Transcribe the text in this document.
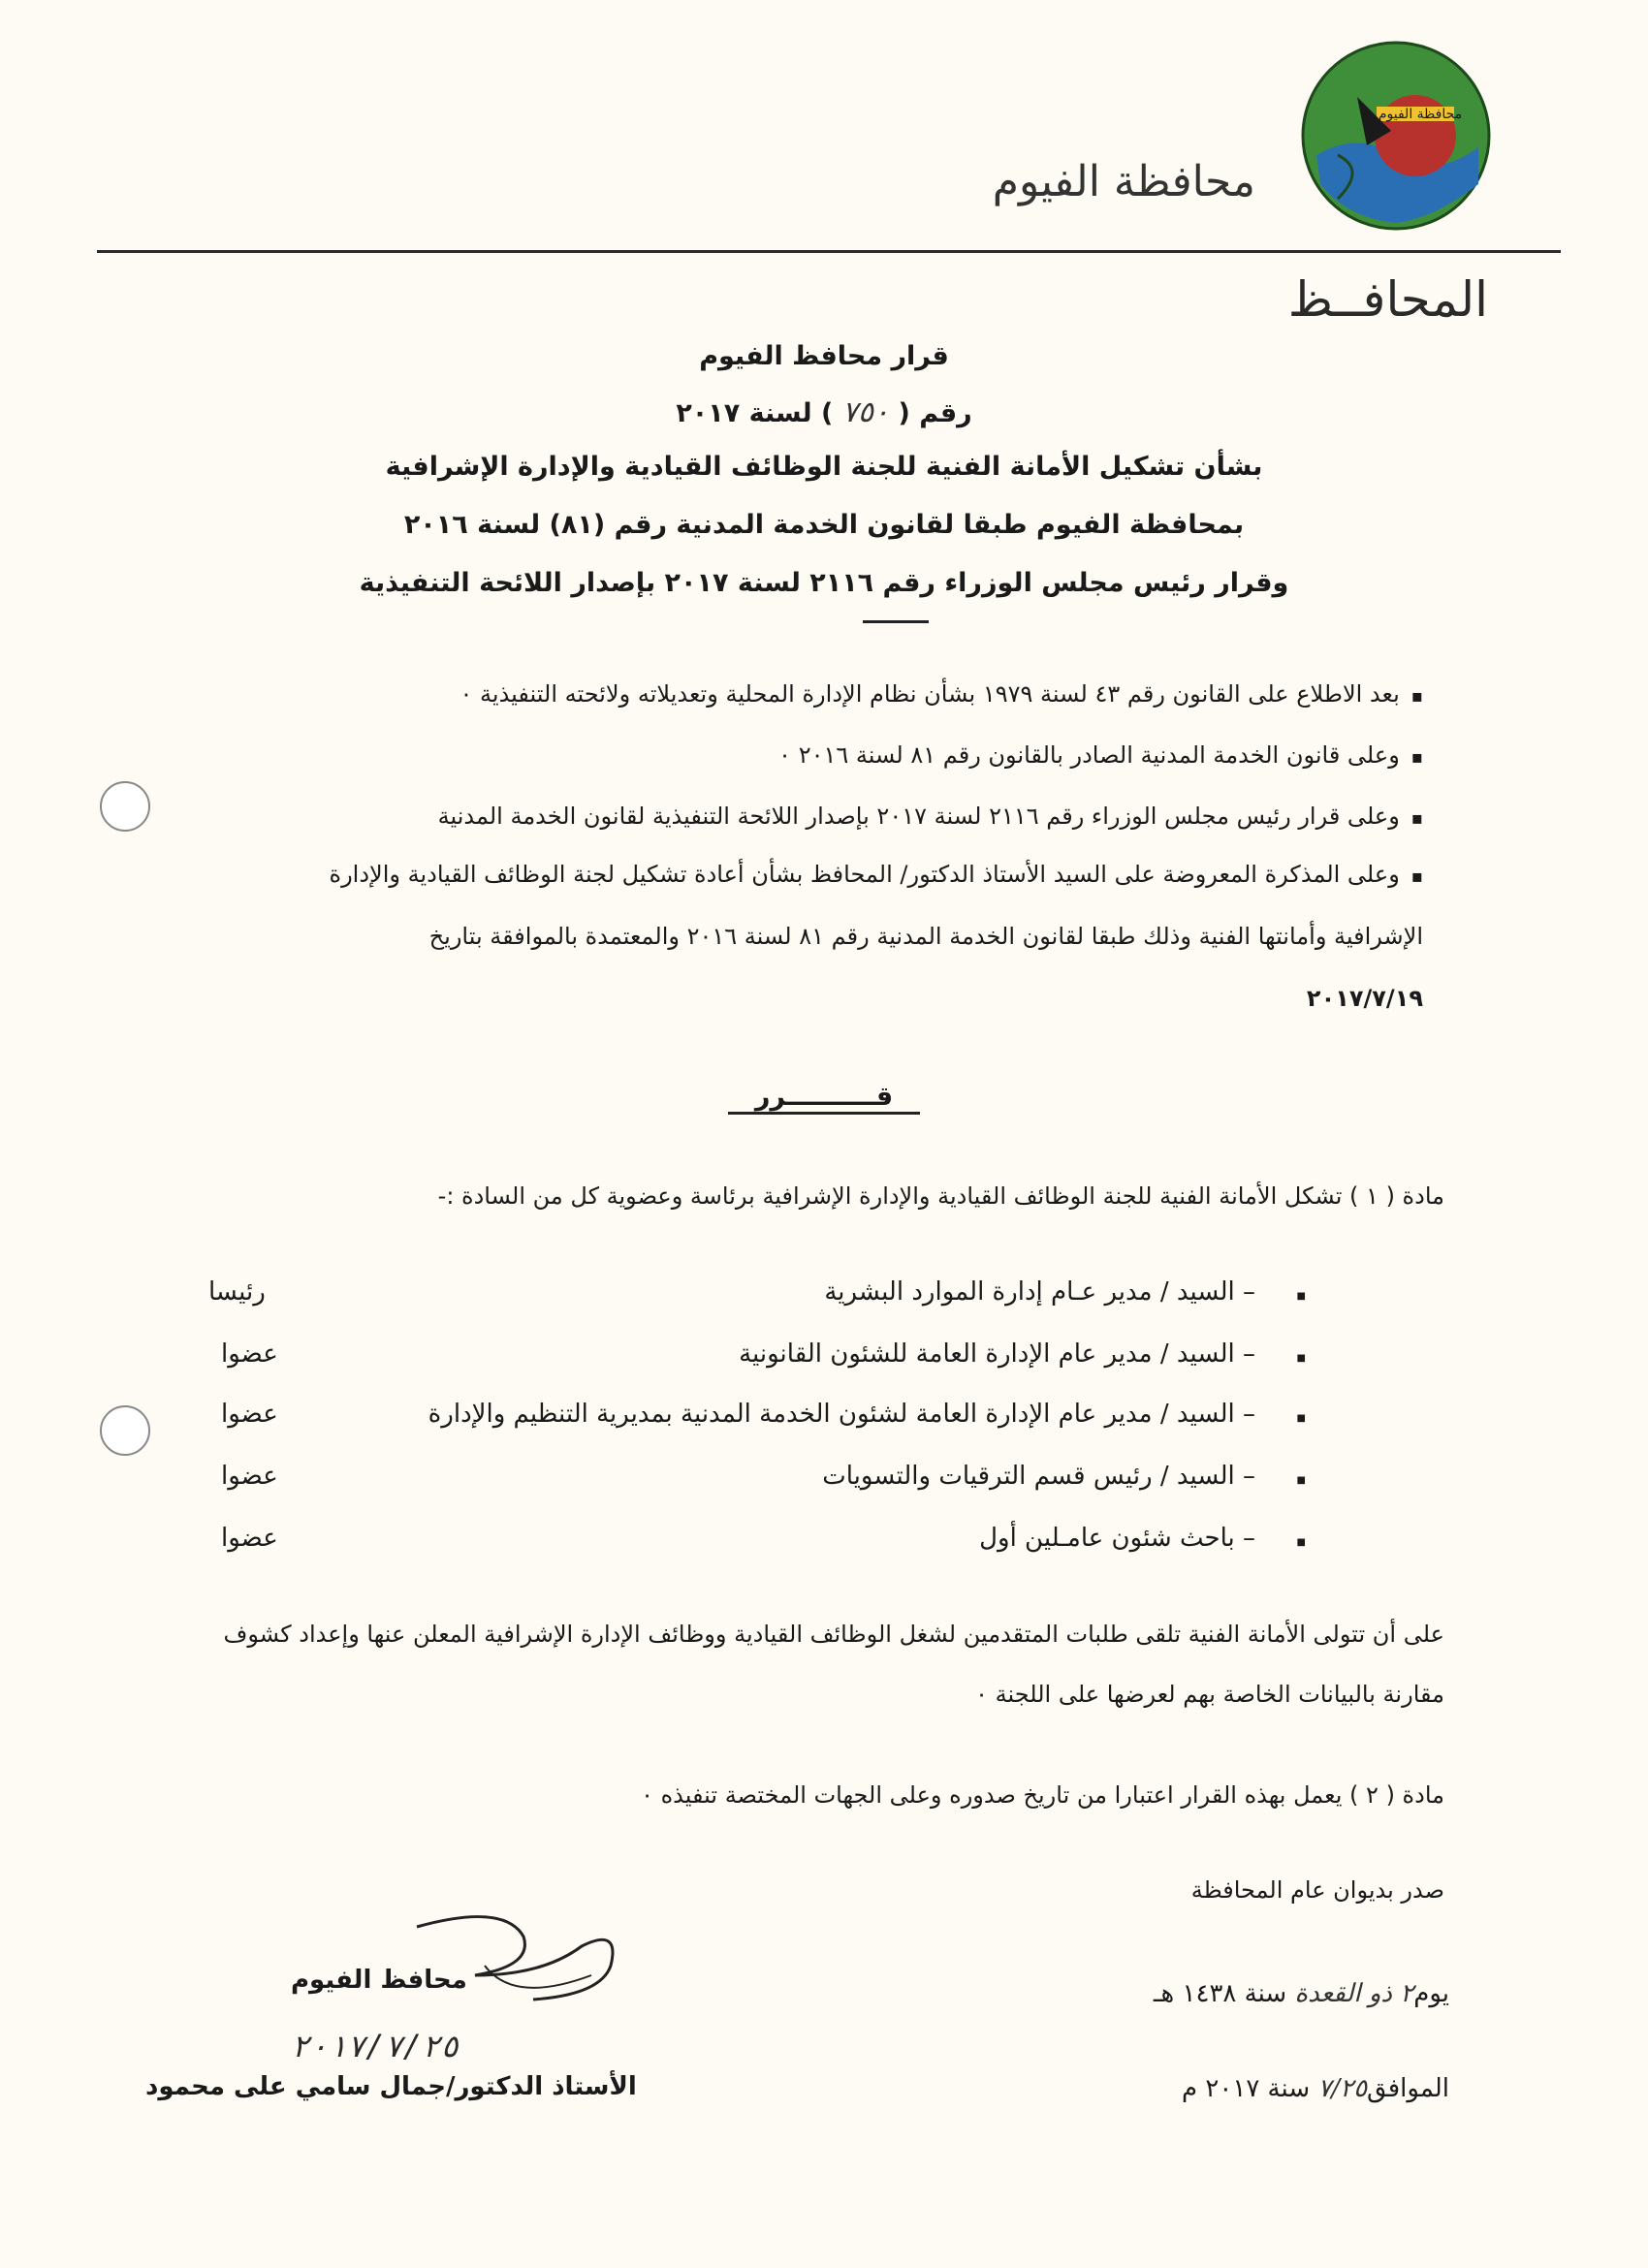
محافظة الفيوم
محافظة الفيوم
المحافــظ
قرار محافظ الفيوم
رقم ( ٧٥٠ ) لسنة ٢٠١٧
بشأن تشكيل الأمانة الفنية للجنة الوظائف القيادية والإدارة الإشرافية
بمحافظة الفيوم طبقا لقانون الخدمة المدنية رقم (٨١) لسنة ٢٠١٦
وقرار رئيس مجلس الوزراء رقم ٢١١٦ لسنة ٢٠١٧ بإصدار اللائحة التنفيذية
▪ بعد الاطلاع على القانون رقم ٤٣ لسنة ١٩٧٩ بشأن نظام الإدارة المحلية وتعديلاته ولائحته التنفيذية ٠
▪ وعلى قانون الخدمة المدنية الصادر بالقانون رقم ٨١ لسنة ٢٠١٦ ٠
▪ وعلى قرار رئيس مجلس الوزراء رقم ٢١١٦ لسنة ٢٠١٧ بإصدار اللائحة التنفيذية لقانون الخدمة المدنية
▪ وعلى المذكرة المعروضة على السيد الأستاذ الدكتور/ المحافظ بشأن أعادة تشكيل لجنة الوظائف القيادية والإدارة
الإشرافية وأمانتها الفنية وذلك طبقا لقانون الخدمة المدنية رقم ٨١ لسنة ٢٠١٦ والمعتمدة بالموافقة بتاريخ
٢٠١٧/٧/١٩
قــــــــــرر
مادة ( ١ ) تشكل الأمانة الفنية للجنة الوظائف القيادية والإدارة الإشرافية برئاسة وعضوية كل من السادة :-
■ – السيد / مدير عـام إدارة الموارد البشرية
رئيسا
■ – السيد / مدير عام الإدارة العامة للشئون القانونية
عضوا
■ – السيد / مدير عام الإدارة العامة لشئون الخدمة المدنية بمديرية التنظيم والإدارة
عضوا
■ – السيد / رئيس قسم الترقيات والتسويات
عضوا
■ – باحث شئون عامـلين أول
عضوا
على أن تتولى الأمانة الفنية تلقى طلبات المتقدمين لشغل الوظائف القيادية ووظائف الإدارة الإشرافية المعلن عنها وإعداد كشوف
مقارنة بالبيانات الخاصة بهم لعرضها على اللجنة ٠
مادة ( ٢ ) يعمل بهذه القرار اعتبارا من تاريخ صدوره وعلى الجهات المختصة تنفيذه ٠
صدر بديوان عام المحافظة
يوم٢ ذو القعدة سنة ١٤٣٨ هـ
الموافق٧/٢٥ سنة ٢٠١٧ م
محافظ الفيوم
٢٠١٧/٧/٢٥
الأستاذ الدكتور/جمال سامي على محمود
